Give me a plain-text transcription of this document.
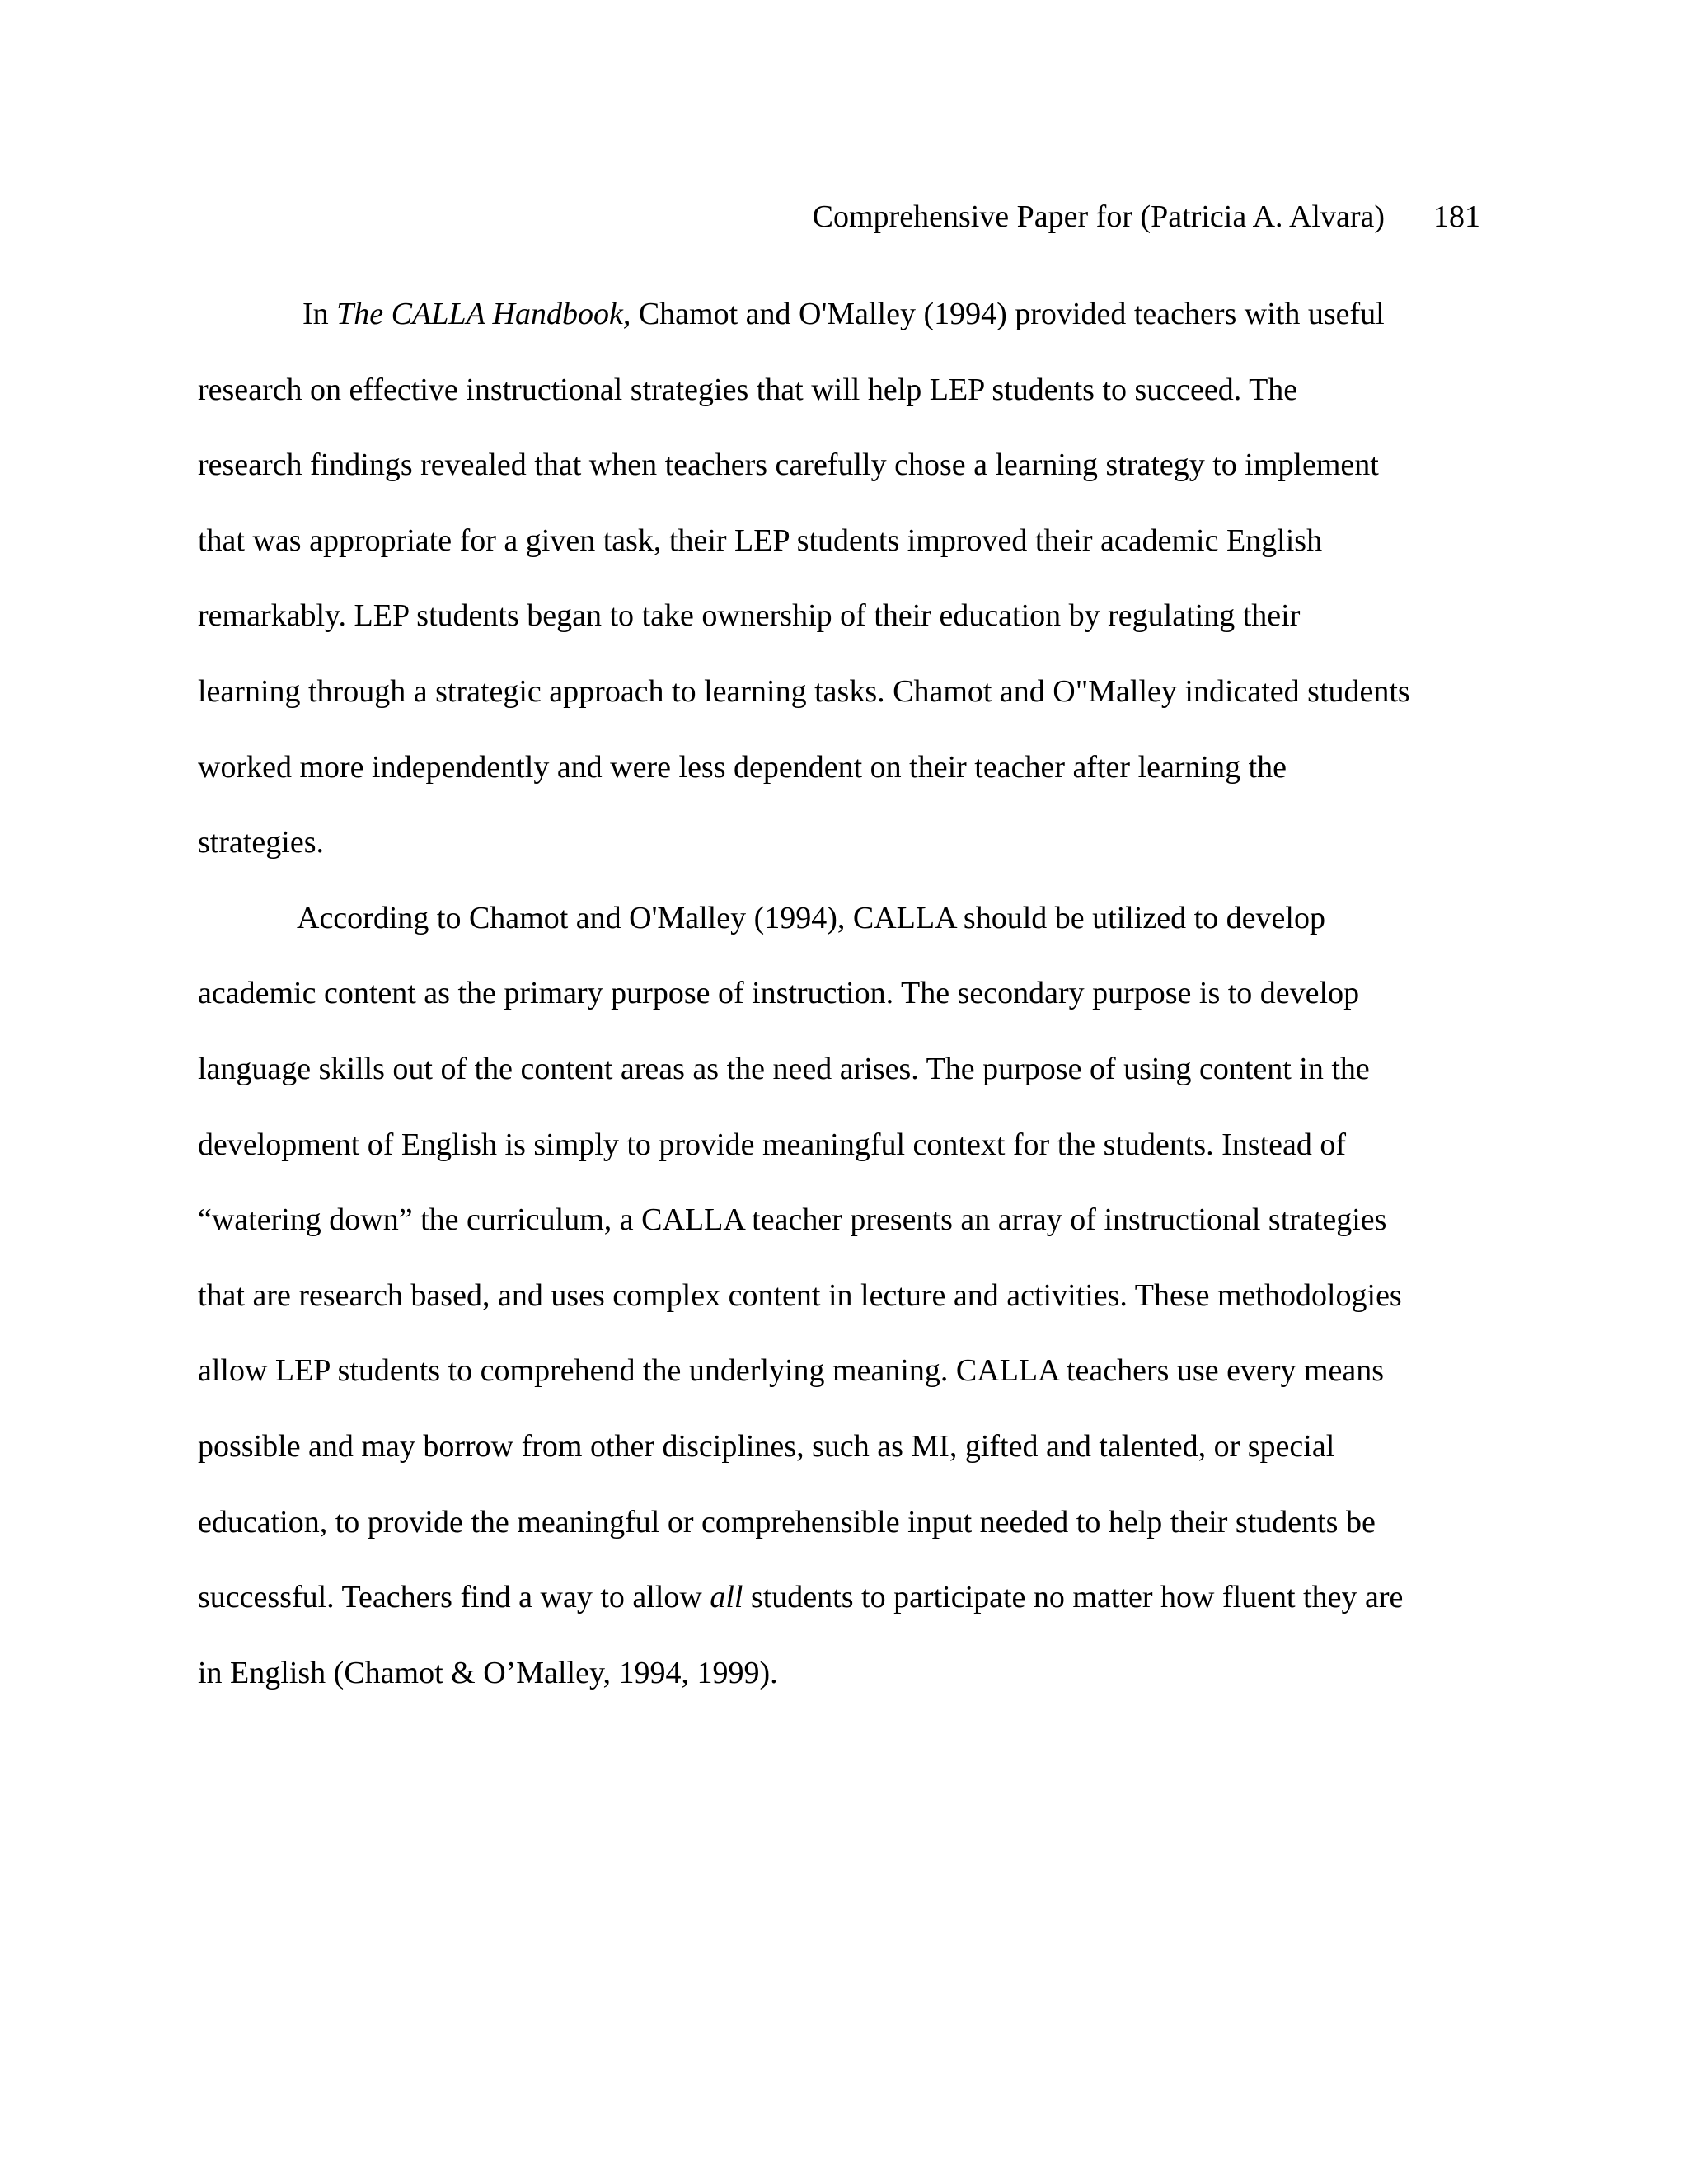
Comprehensive Paper for (Patricia A. Alvara) 181
In The CALLA Handbook, Chamot and O'Malley (1994) provided teachers with useful
research on effective instructional strategies that will help LEP students to succeed. The
research findings revealed that when teachers carefully chose a learning strategy to implement
that was appropriate for a given task, their LEP students improved their academic English
remarkably. LEP students began to take ownership of their education by regulating their
learning through a strategic approach to learning tasks. Chamot and O"Malley indicated students
worked more independently and were less dependent on their teacher after learning the
strategies.
According to Chamot and O'Malley (1994), CALLA should be utilized to develop
academic content as the primary purpose of instruction. The secondary purpose is to develop
language skills out of the content areas as the need arises. The purpose of using content in the
development of English is simply to provide meaningful context for the students. Instead of
“watering down” the curriculum, a CALLA teacher presents an array of instructional strategies
that are research based, and uses complex content in lecture and activities. These methodologies
allow LEP students to comprehend the underlying meaning. CALLA teachers use every means
possible and may borrow from other disciplines, such as MI, gifted and talented, or special
education, to provide the meaningful or comprehensible input needed to help their students be
successful. Teachers find a way to allow all students to participate no matter how fluent they are
in English (Chamot & O’Malley, 1994, 1999).
